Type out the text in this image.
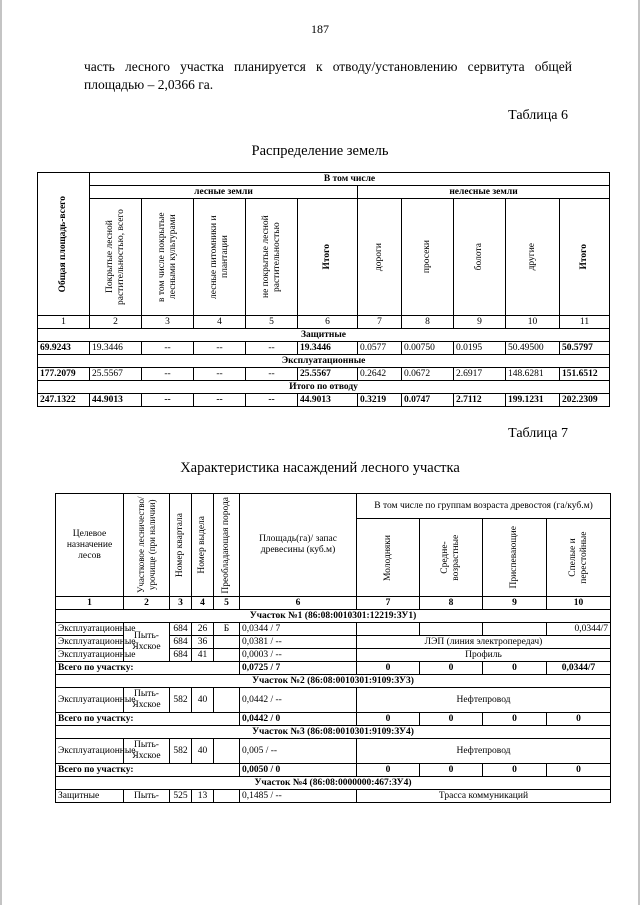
187
часть лесного участка планируется к отводу/установлению сервитута общей площадью – 2,0366 га.
Таблица 6
Распределение земель
Общая площадь-всего	В том числе									
	лесные земли					нелесные земли				

	Покрытые лесной растительностью, всего	в том числе покрытые лесными культурами	лесные питомники и плантации	не покрытые лесной растительностью	Итого	дороги	просеки	болота	другие	Итого

1	2	3	4	5	6	7	8	9	10	11
Защитные										
69.9243	19.3446	--	--	--	19.3446	0.0577	0.00750	0.0195	50.49500	50.5797
Эксплуатационные										
177.2079	25.5567	--	--	--	25.5567	0.2642	0.0672	2.6917	148.6281	151.6512
Итого по отводу										
247.1322	44.9013	--	--	--	44.9013	0.3219	0.0747	2.7112	199.1231	202.2309
Таблица 7
Характеристика насаждений лесного участка
Целевое назначение лесов	Участковое лесничество/ урочище (при наличии)	Номер квартала	Номер выдела	Преобладающая порода	Площадь(га)/ запас древесины (куб.м)	В том числе по группам возраста древостоя (га/куб.м)			

						Молодняки	Средне-возрастные	Приспевающие	Спелые и перестойные

1	2	3	4	5	6	7	8	9	10
Участок №1 (86:08:0010301:12219:ЗУ1)									
Эксплуатационные	Пыть-Яхское	684	26	Б	0,0344 / 7				0,0344/7
Эксплуатационные		684	36		0,0381 / --	ЛЭП (линия электропередач)			
Эксплуатационные		684	41		0,0003 / --	Профиль			
Всего по участку:					0,0725 / 7	0	0	0	0,0344/7
Участок №2 (86:08:0010301:9109:ЗУ3)									
Эксплуатационные	Пыть-Яхское	582	40		0,0442 / --	Нефтепровод			
Всего по участку:					0,0442 / 0	0	0	0	0
Участок №3 (86:08:0010301:9109:ЗУ4)									
Эксплуатационные	Пыть-Яхское	582	40		0,005 / --	Нефтепровод			
Всего по участку:					0,0050 / 0	0	0	0	0
Участок №4 (86:08:0000000:467:ЗУ4)									
Защитные	Пыть-	525	13		0,1485 / --	Трасса коммуникаций			
